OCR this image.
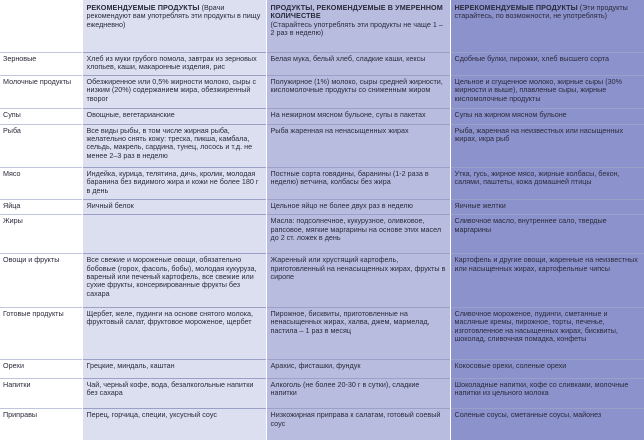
	РЕКОМЕНДУЕМЫЕ ПРОДУКТЫ (Врачи рекомендуют вам употреблять эти продукты в пищу ежедневно)	ПРОДУКТЫ, РЕКОМЕНДУЕМЫЕ В УМЕРЕННОМ КОЛИЧЕСТВЕ
(Старайтесь употреблять эти продукты не чаще 1 – 2 раз в неделю)	НЕРЕКОМЕНДУЕМЫЕ ПРОДУКТЫ (Эти продукты старайтесь, по возможности, не употреблять)
Зерновые	Хлеб из муки грубого помола, завтрак из зерновых хлопьев, каши, макаронные изделия, рис	Белая мука, белый хлеб, сладкие каши, кексы	Сдобные булки, пирожки, хлеб высшего сорта
Молочные продукты	Обезжиренное или 0,5% жирности молоко, сыры с низким (20%) содержанием жира, обезжиренный творог	Полужирное (1%) молоко, сыры средней жирности, кисломолочные продукты со сниженным жиром	Цельное и сгущенное молоко, жирные сыры (30% жирности и выше), плавленые сыры, жирные кисломолочные продукты
Супы	Овощные, вегетарианские	На нежирном мясном бульоне, супы в пакетах	Супы на жирном мясном бульоне
Рыба	Все виды рыбы, в том числе жирная рыба, желательно снять кожу: треска, пикша, камбала, сельдь, макрель, сардина, тунец, лосось и т.д. не менее 2–3 раз в неделю	Рыба жаренная на ненасыщенных жирах	Рыба, жаренная на неизвестных или насыщенных жирах, икра рыб
Мясо	Индейка, курица, телятина, дичь, кролик, молодая баранина без видимого жира и кожи не более 180 г в день	Постные сорта говядины, баранины (1-2 раза в неделю) ветчина, колбасы без жира	Утка, гусь, жирное мясо, жирные колбасы, бекон, салями, паштеты, кожа домашней птицы
Яйца	Яичный белок	Цельное яйцо не более двух раз в неделю	Яичные желтки
Жиры		Масла: подсолнечное, кукурузное, оливковое, рапсовое, мягкие маргарины на основе этих масел до 2 ст. ложек в день	Сливочное масло, внутреннее сало, твердые маргарины
Овощи и фрукты	Все свежие и мороженые овощи, обязательно бобовые (горох, фасоль, бобы), молодая кукуруза, вареный или печеный картофель, все свежие или сухие фрукты, консервированные фрукты без сахара	Жаренный или хрустящий картофель, приготовленный на ненасыщенных жирах, фрукты в сиропе	Картофель и другие овощи, жаренные на неизвестных или насыщенных жирах, картофельные чипсы
Готовые продукты	Щербет, желе, пудинги на основе снятого молока, фруктовый салат, фруктовое мороженое, щербет	Пирожное, бисквиты, приготовленные на ненасыщенных жирах, халва, джем, мармелад, пастила – 1 раз в месяц	Сливочное мороженое, пудинги, сметанные и масляные кремы, пирожное, торты, печенье, изготовленное на насыщенных жирах, бисквиты, шоколад, сливочная помадка, конфеты
Орехи	Грецкие, миндаль, каштан	Арахис, фисташки, фундук	Кокосовые орехи, соленые орехи
Напитки	Чай, черный кофе, вода, безалкогольные напитки без сахара	Алкоголь (не более 20-30 г в сутки), сладкие напитки	Шоколадные напитки, кофе со сливками, молочные напитки из цельного молока
Приправы	Перец, горчица, специи, уксусный соус	Низкожирная приправа к салатам, готовый соевый соус	Соленые соусы, сметанные соусы, майонез
